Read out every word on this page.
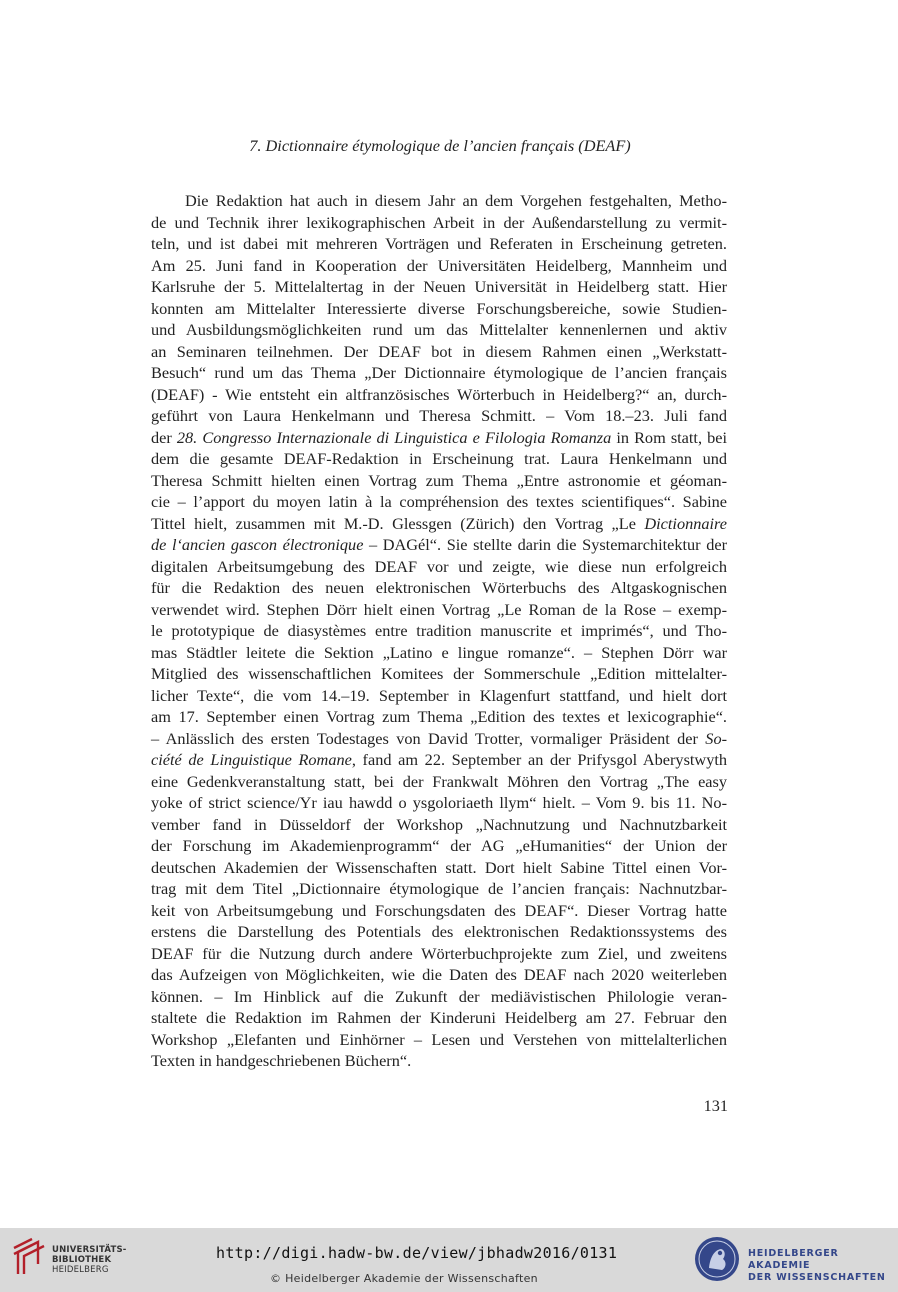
7. Dictionnaire étymologique de l’ancien français (DEAF)
Die Redaktion hat auch in diesem Jahr an dem Vorgehen festgehalten, Metho-
de und Technik ihrer lexikographischen Arbeit in der Außendarstellung zu vermit-
teln, und ist dabei mit mehreren Vorträgen und Referaten in Erscheinung getreten.
Am 25. Juni fand in Kooperation der Universitäten Heidelberg, Mannheim und
Karlsruhe der 5. Mittelaltertag in der Neuen Universität in Heidelberg statt. Hier
konnten am Mittelalter Interessierte diverse Forschungsbereiche, sowie Studien-
und Ausbildungsmöglichkeiten rund um das Mittelalter kennenlernen und aktiv
an Seminaren teilnehmen. Der DEAF bot in diesem Rahmen einen „Werkstatt-
Besuch“ rund um das Thema „Der Dictionnaire étymologique de l’ancien français
(DEAF) - Wie entsteht ein altfranzösisches Wörterbuch in Heidelberg?“ an, durch-
geführt von Laura Henkelmann und Theresa Schmitt. – Vom 18.–23. Juli fand
der 28. Congresso Internazionale di Linguistica e Filologia Romanza in Rom statt, bei
dem die gesamte DEAF-Redaktion in Erscheinung trat. Laura Henkelmann und
Theresa Schmitt hielten einen Vortrag zum Thema „Entre astronomie et géoman-
cie – l’apport du moyen latin à la compréhension des textes scientifiques“. Sabine
Tittel hielt, zusammen mit M.-D. Glessgen (Zürich) den Vortrag „Le Dictionnaire
de l‘ancien gascon électronique – DAGél“. Sie stellte darin die Systemarchitektur der
digitalen Arbeitsumgebung des DEAF vor und zeigte, wie diese nun erfolgreich
für die Redaktion des neuen elektronischen Wörterbuchs des Altgaskognischen
verwendet wird. Stephen Dörr hielt einen Vortrag „Le Roman de la Rose – exemp-
le prototypique de diasystèmes entre tradition manuscrite et imprimés“, und Tho-
mas Städtler leitete die Sektion „Latino e lingue romanze“. – Stephen Dörr war
Mitglied des wissenschaftlichen Komitees der Sommerschule „Edition mittelalter-
licher Texte“, die vom 14.–19. September in Klagenfurt stattfand, und hielt dort
am 17. September einen Vortrag zum Thema „Edition des textes et lexicographie“.
– Anlässlich des ersten Todestages von David Trotter, vormaliger Präsident der So-
ciété de Linguistique Romane, fand am 22. September an der Prifysgol Aberystwyth
eine Gedenkveranstaltung statt, bei der Frankwalt Möhren den Vortrag „The easy
yoke of strict science/Yr iau hawdd o ysgoloriaeth llym“ hielt. – Vom 9. bis 11. No-
vember fand in Düsseldorf der Workshop „Nachnutzung und Nachnutzbarkeit
der Forschung im Akademienprogramm“ der AG „eHumanities“ der Union der
deutschen Akademien der Wissenschaften statt. Dort hielt Sabine Tittel einen Vor-
trag mit dem Titel „Dictionnaire étymologique de l’ancien français: Nachnutzbar-
keit von Arbeitsumgebung und Forschungsdaten des DEAF“. Dieser Vortrag hatte
erstens die Darstellung des Potentials des elektronischen Redaktionssystems des
DEAF für die Nutzung durch andere Wörterbuchprojekte zum Ziel, und zweitens
das Aufzeigen von Möglichkeiten, wie die Daten des DEAF nach 2020 weiterleben
können. – Im Hinblick auf die Zukunft der mediävistischen Philologie veran-
staltete die Redaktion im Rahmen der Kinderuni Heidelberg am 27. Februar den
Workshop „Elefanten und Einhörner – Lesen und Verstehen von mittelalterlichen
Texten in handgeschriebenen Büchern“.
131
UNIVERSITÄTS-
BIBLIOTHEK
HEIDELBERG
http://digi.hadw-bw.de/view/jbhadw2016/0131
© Heidelberger Akademie der Wissenschaften
HEIDELBERGER AKADEMIE
DER WISSENSCHAFTEN
